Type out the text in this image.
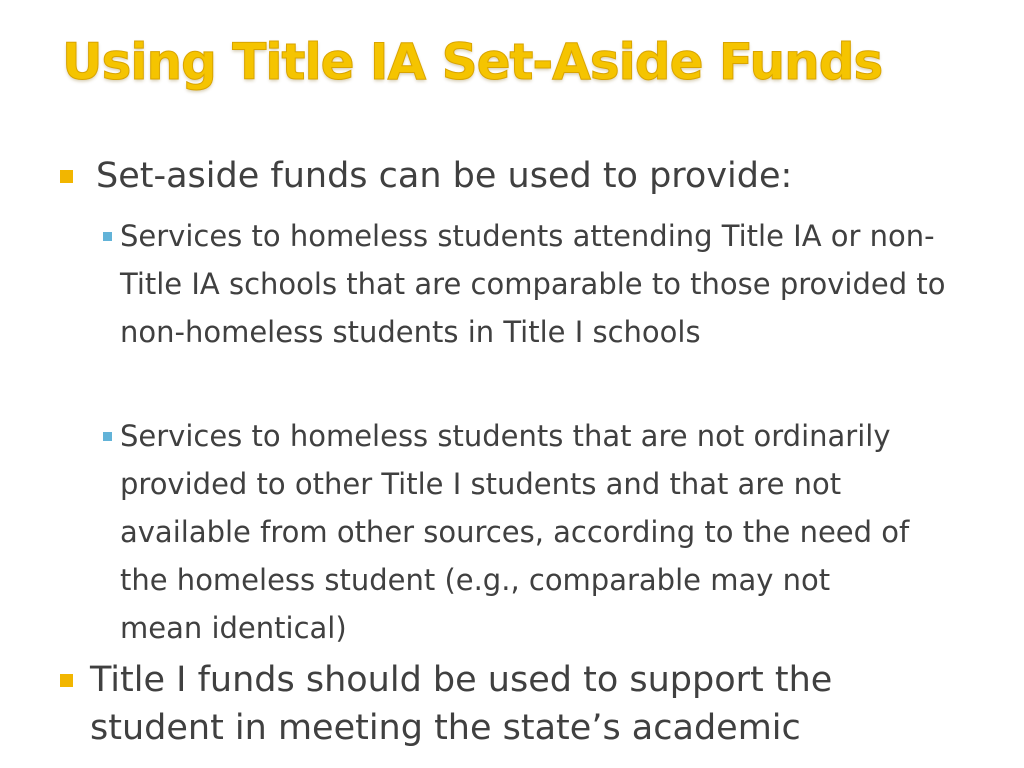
Using Title IA Set-Aside Funds
Set-aside funds can be used to provide:
Services to homeless students attending Title IA or non-Title IA schools that are comparable to those provided to non-homeless students in Title I schools
Services to homeless students that are not ordinarily provided to other Title I students and that are not available from other sources, according to the need of the homeless student (e.g., comparable may not mean identical)
Title I funds should be used to support the student in meeting the state’s academic
